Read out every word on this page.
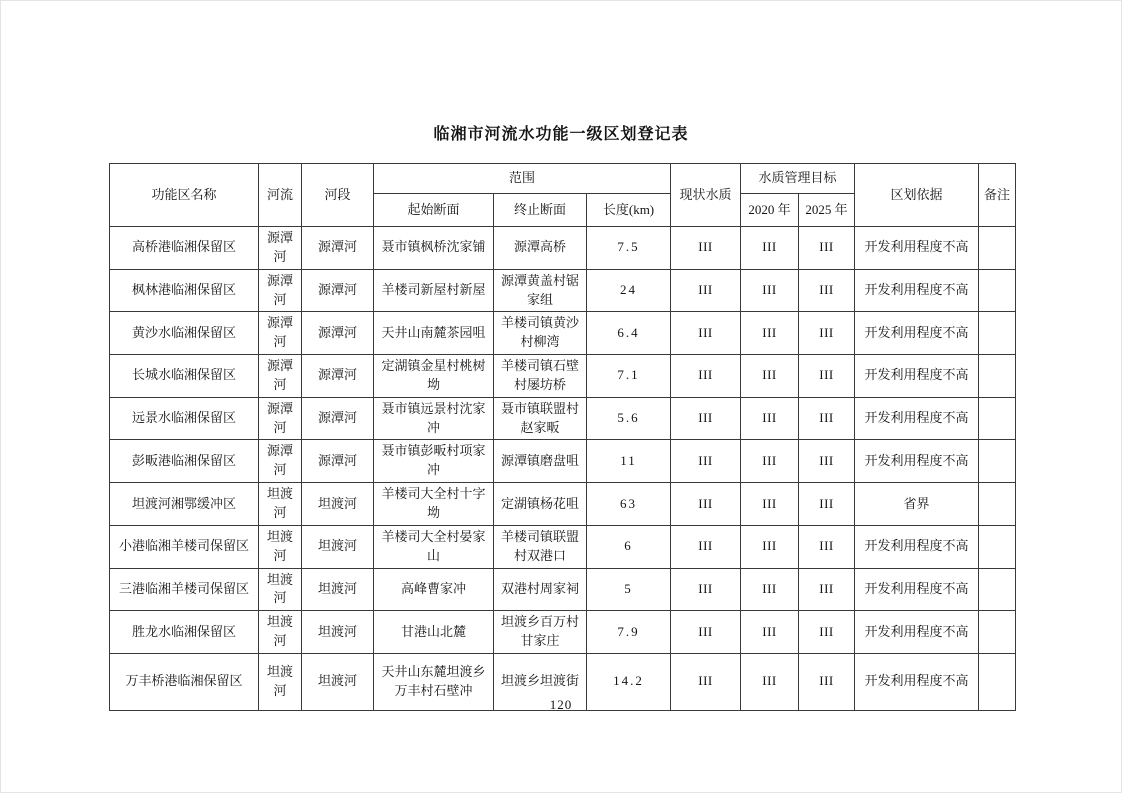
临湘市河流水功能一级区划登记表
功能区名称	河流	河段	范围			现状水质	水质管理目标		区划依据	备注
			起始断面	终止断面	长度(km)		2020 年	2025 年		
高桥港临湘保留区	源潭河	源潭河	聂市镇枫桥沈家铺	源潭高桥	7.5	III	III	III	开发利用程度不高	
枫林港临湘保留区	源潭河	源潭河	羊楼司新屋村新屋	源潭黄盖村锯家组	24	III	III	III	开发利用程度不高	
黄沙水临湘保留区	源潭河	源潭河	天井山南麓茶园咀	羊楼司镇黄沙村柳湾	6.4	III	III	III	开发利用程度不高	
长城水临湘保留区	源潭河	源潭河	定湖镇金星村桃树坳	羊楼司镇石壁村屡坊桥	7.1	III	III	III	开发利用程度不高	
远景水临湘保留区	源潭河	源潭河	聂市镇远景村沈家冲	聂市镇联盟村赵家畈	5.6	III	III	III	开发利用程度不高	
彭畈港临湘保留区	源潭河	源潭河	聂市镇彭畈村项家冲	源潭镇磨盘咀	11	III	III	III	开发利用程度不高	
坦渡河湘鄂缓冲区	坦渡河	坦渡河	羊楼司大全村十字坳	定湖镇杨花咀	63	III	III	III	省界	
小港临湘羊楼司保留区	坦渡河	坦渡河	羊楼司大全村晏家山	羊楼司镇联盟村双港口	6	III	III	III	开发利用程度不高	
三港临湘羊楼司保留区	坦渡河	坦渡河	高峰曹家冲	双港村周家祠	5	III	III	III	开发利用程度不高	
胜龙水临湘保留区	坦渡河	坦渡河	甘港山北麓	坦渡乡百万村甘家庄	7.9	III	III	III	开发利用程度不高	
万丰桥港临湘保留区	坦渡河	坦渡河	天井山东麓坦渡乡万丰村石壁冲	坦渡乡坦渡街	14.2	III	III	III	开发利用程度不高	
120
